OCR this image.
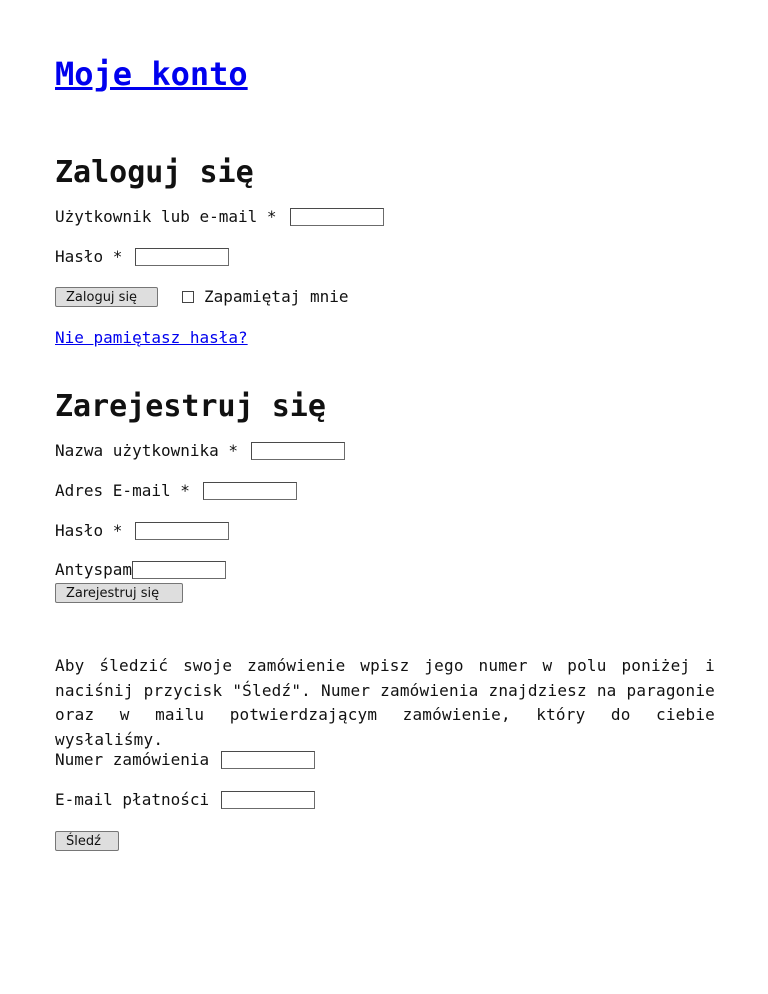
Moje konto
Zaloguj się
Użytkownik lub e-mail *
Hasło *
Zaloguj się	Zapamiętaj mnie
Nie pamiętasz hasła?
Zarejestruj się
Nazwa użytkownika *
Adres E-mail *
Hasło *
Antyspam
Zarejestruj się

Aby śledzić swoje zamówienie wpisz jego numer w polu poniżej i naciśnij przycisk "Śledź". Numer zamówienia znajdziesz na paragonie oraz w mailu potwierdzającym zamówienie, który do ciebie wysłaliśmy.

Numer zamówienia
E-mail płatności
Śledź
